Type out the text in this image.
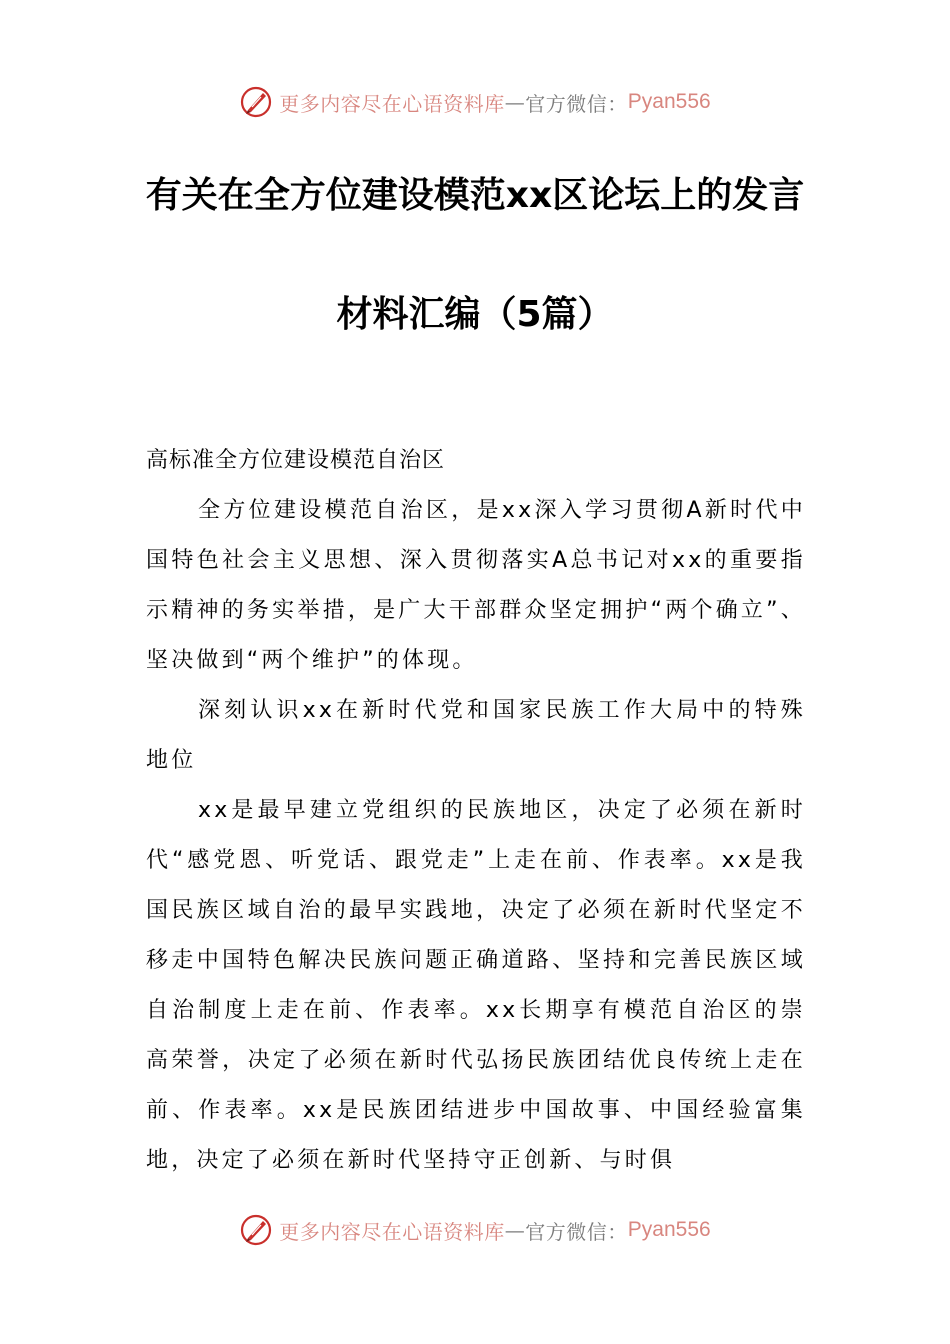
更多内容尽在心语资料库 — 官方微信： Pyan556
有关在全方位建设模范xx区论坛上的发言
材料汇编（5篇）

高标准全方位建设模范自治区

全方位建设模范自治区，是xx深入学习贯彻A新时代中国特色社会主义思想、深入贯彻落实A总书记对xx的重要指示精神的务实举措，是广大干部群众坚定拥护“两个确立”、坚决做到“两个维护”的体现。

深刻认识xx在新时代党和国家民族工作大局中的特殊地位

xx是最早建立党组织的民族地区，决定了必须在新时代“感党恩、听党话、跟党走”上走在前、作表率。xx是我国民族区域自治的最早实践地，决定了必须在新时代坚定不移走中国特色解决民族问题正确道路、坚持和完善民族区域自治制度上走在前、作表率。xx长期享有模范自治区的崇高荣誉，决定了必须在新时代弘扬民族团结优良传统上走在前、作表率。xx是民族团结进步中国故事、中国经验富集地，决定了必须在新时代坚持守正创新、与时俱

更多内容尽在心语资料库 — 官方微信： Pyan556
